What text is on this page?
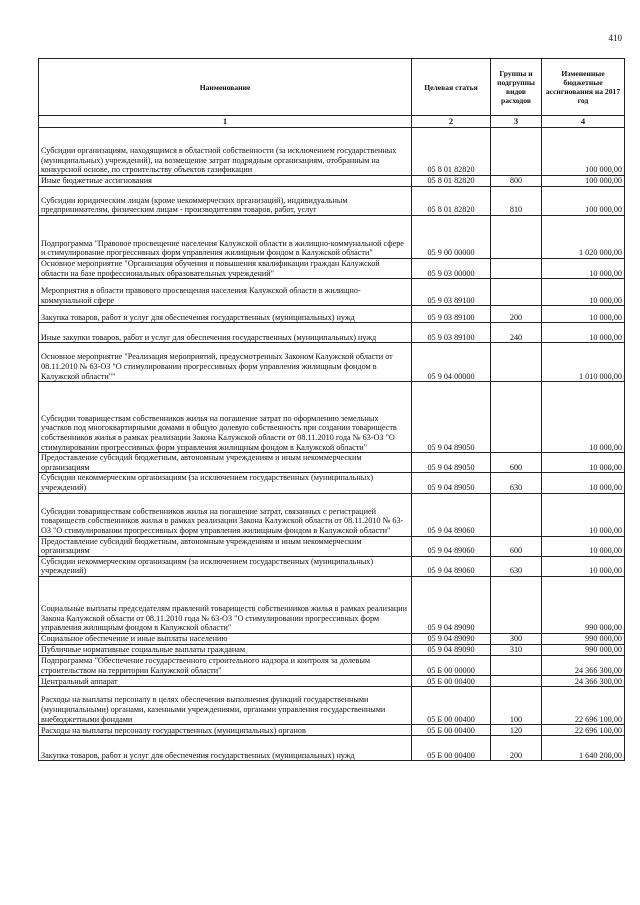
410
Наименование	Целевая статья	Группы и подгруппы видов расходов	Измененные бюджетные ассигнования на 2017 год
1	2	3	4
Субсидии организациям, находящимся в областной собственности (за исключением государственных (муниципальных) учреждений), на возмещение затрат подрядным организациям, отобранным на конкурсной основе, по строительству объектов газификации	05 8 01 82820		100 000,00
Иные бюджетные ассигнования	05 8 01 82820	800	100 000,00
Субсидии юридическим лицам (кроме некоммерческих организаций), индивидуальным предпринимателям, физическим лицам - производителям товаров, работ, услуг	05 8 01 82820	810	100 000,00
Подпрограмма "Правовое просвещение населения Калужской области в жилищно-коммунальной сфере и стимулирование прогрессивных форм управления жилищным фондом в Калужской области"	05 9 00 00000		1 020 000,00
Основное мероприятие "Организация обучения и повышения квалификации граждан Калужской области на базе профессиональных образовательных учреждений"	05 9 03 00000		10 000,00
Мероприятия в области правового просвещения населения Калужской области в жилищно-коммунальной сфере	05 9 03 89100		10 000,00
Закупка товаров, работ и услуг для обеспечения государственных (муниципальных) нужд	05 9 03 89100	200	10 000,00
Иные закупки товаров, работ и услуг для обеспечения государственных (муниципальных) нужд	05 9 03 89100	240	10 000,00
Основное мероприятие "Реализация мероприятий, предусмотренных Законом Калужской области от 08.11.2010 № 63-ОЗ "О стимулировании прогрессивных форм управления жилищным фондом в Калужской области""	05 9 04 00000		1 010 000,00
Субсидии товариществам собственников жилья на погашение затрат по оформлению земельных участков под многоквартирными домами в общую долевую собственность при создании товариществ собственников жилья в рамках реализации Закона Калужской области от 08.11.2010 года № 63-ОЗ "О стимулировании прогрессивных форм управления жилищным фондом в Калужской области"	05 9 04 89050		10 000,00
Предоставление субсидий бюджетным, автономным учреждениям и иным некоммерческим организациям	05 9 04 89050	600	10 000,00
Субсидии некоммерческим организациям (за исключением государственных (муниципальных) учреждений)	05 9 04 89050	630	10 000,00
Субсидии товариществам собственников жилья на погашение затрат, связанных с регистрацией товариществ собственников жилья в рамках реализации Закона Калужской области от 08.11.2010 № 63-ОЗ "О стимулировании прогрессивных форм управления жилищным фондом в Калужской области"	05 9 04 89060		10 000,00
Предоставление субсидий бюджетным, автономным учреждениям и иным некоммерческим организациям	05 9 04 89060	600	10 000,00
Субсидии некоммерческим организациям (за исключением государственных (муниципальных) учреждений)	05 9 04 89060	630	10 000,00
Социальные выплаты председателям правлений товариществ собственников жилья в рамках реализации Закона Калужской области от 08.11.2010 года № 63-ОЗ "О стимулировании прогрессивных форм управления жилищным фондом в Калужской области"	05 9 04 89090		990 000,00
Социальное обеспечение и иные выплаты населению	05 9 04 89090	300	990 000,00
Публичные нормативные социальные выплаты гражданам	05 9 04 89090	310	990 000,00
Подпрограмма "Обеспечение государственного строительного надзора и контроля за долевым строительством на территории Калужской области"	05 Б 00 00000		24 366 300,00
Центральный аппарат	05 Б 00 00400		24 366 300,00
Расходы на выплаты персоналу в целях обеспечения выполнения функций государственными (муниципальными) органами, казенными учреждениями, органами управления государственными внебюджетными фондами	05 Б 00 00400	100	22 696 100,00
Расходы на выплаты персоналу государственных (муниципальных) органов	05 Б 00 00400	120	22 696 100,00
Закупка товаров, работ и услуг для обеспечения государственных (муниципальных) нужд	05 Б 00 00400	200	1 640 200,00
